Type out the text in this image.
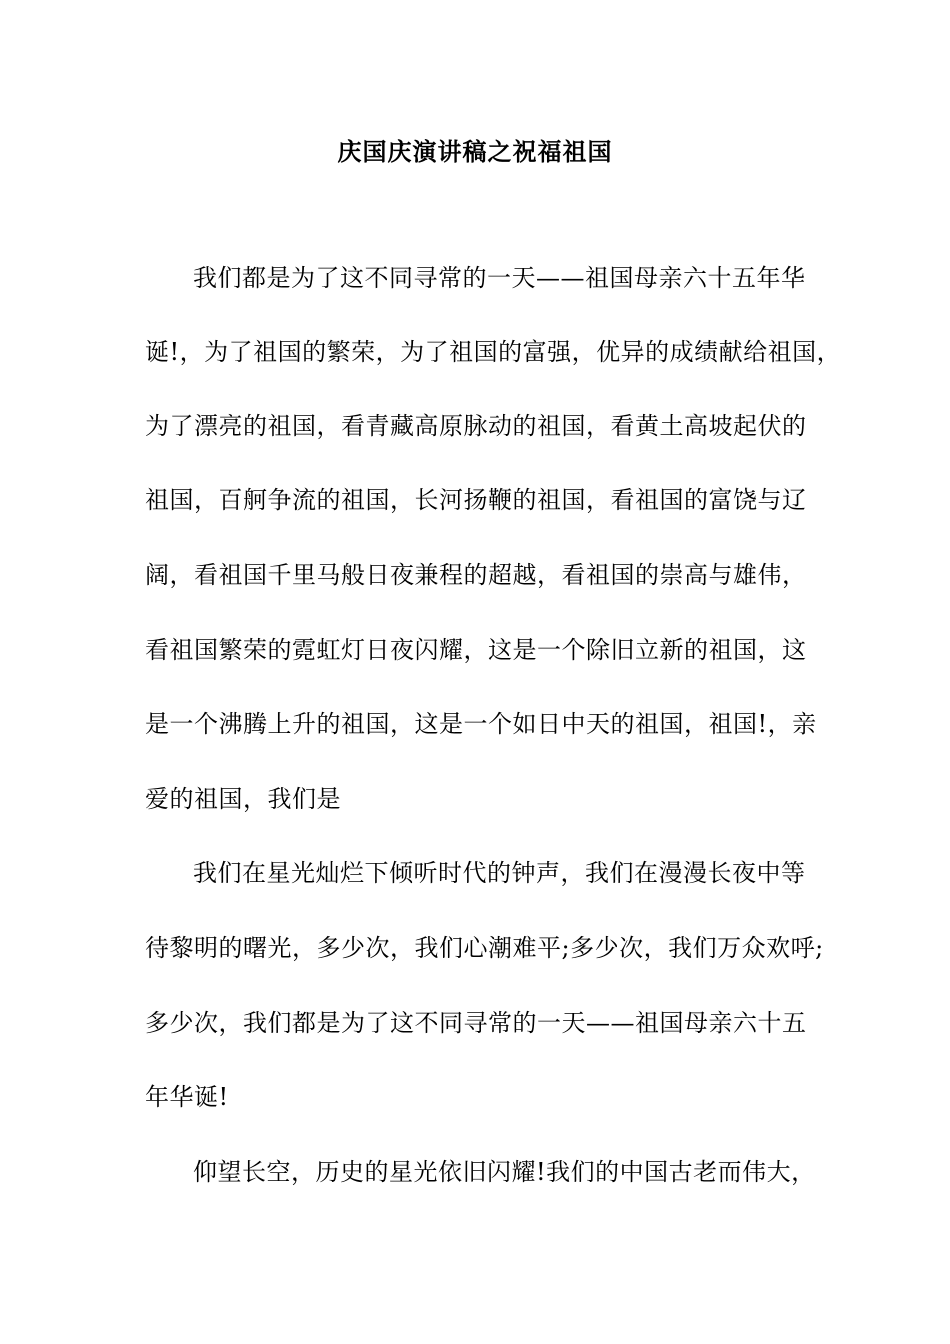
庆国庆演讲稿之祝福祖国
我们都是为了这不同寻常的一天——祖国母亲六十五年华
诞!，为了祖国的繁荣，为了祖国的富强，优异的成绩献给祖国，
为了漂亮的祖国，看青藏高原脉动的祖国，看黄土高坡起伏的
祖国，百舸争流的祖国，长河扬鞭的祖国，看祖国的富饶与辽
阔，看祖国千里马般日夜兼程的超越，看祖国的崇高与雄伟，
看祖国繁荣的霓虹灯日夜闪耀，这是一个除旧立新的祖国，这
是一个沸腾上升的祖国，这是一个如日中天的祖国，祖国!，亲
爱的祖国，我们是
我们在星光灿烂下倾听时代的钟声，我们在漫漫长夜中等
待黎明的曙光，多少次，我们心潮难平;多少次，我们万众欢呼;
多少次，我们都是为了这不同寻常的一天——祖国母亲六十五
年华诞!
仰望长空，历史的星光依旧闪耀!我们的中国古老而伟大，
